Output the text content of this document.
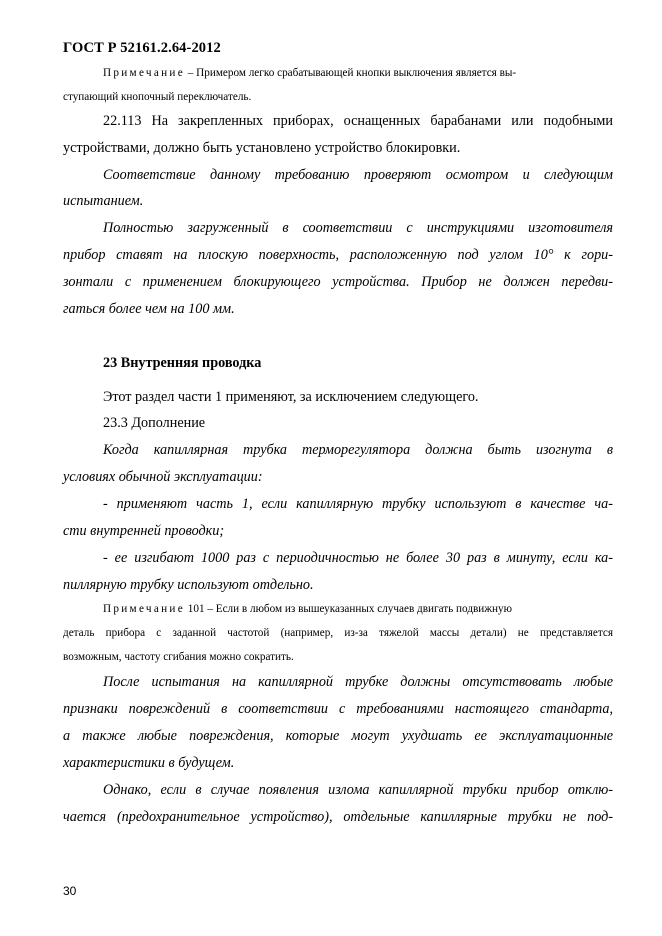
ГОСТ Р 52161.2.64-2012
Примечание – Примером легко срабатывающей кнопки выключения является вы-
ступающий кнопочный переключатель.
22.113 На закрепленных приборах, оснащенных барабанами или подобными
устройствами, должно быть установлено устройство блокировки.
Соответствие данному требованию проверяют осмотром и следующим
испытанием.
Полностью загруженный в соответствии с инструкциями изготовителя
прибор ставят на плоскую поверхность, расположенную под углом 10° к гори-
зонтали с применением блокирующего устройства. Прибор не должен передви-
гаться более чем на 100 мм.
23 Внутренняя проводка
Этот раздел части 1 применяют, за исключением следующего.
23.3 Дополнение
Когда капиллярная трубка терморегулятора должна быть изогнута в
условиях обычной эксплуатации:
- применяют часть 1, если капиллярную трубку используют в качестве ча-
сти внутренней проводки;
- ее изгибают 1000 раз с периодичностью не более 30 раз в минуту, если ка-
пиллярную трубку используют отдельно.
Примечание 101 – Если в любом из вышеуказанных случаев двигать подвижную
деталь прибора с заданной частотой (например, из-за тяжелой массы детали) не представляется
возможным, частоту сгибания можно сократить.
После испытания на капиллярной трубке должны отсутствовать любые
признаки повреждений в соответствии с требованиями настоящего стандарта,
а также любые повреждения, которые могут ухудшать ее эксплуатационные
характеристики в будущем.
Однако, если в случае появления излома капиллярной трубки прибор отклю-
чается (предохранительное устройство), отдельные капиллярные трубки не под-
30
